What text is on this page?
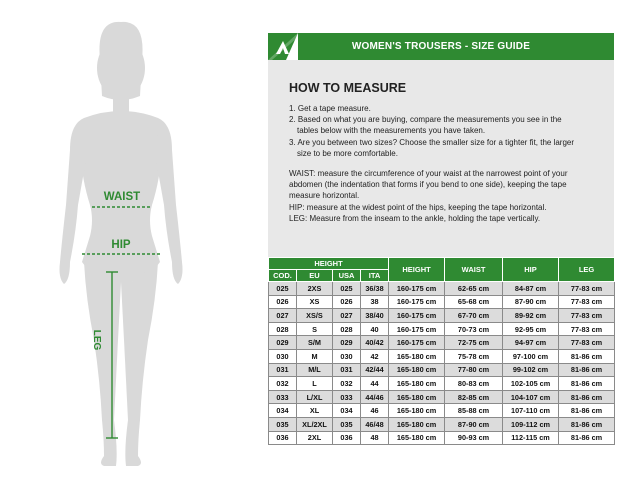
WAIST
HIP
LEG
WOMEN'S TROUSERS - SIZE GUIDE
HOW TO MEASURE
1. Get a tape measure.
2. Based on what you are buying, compare the measurements you see in the
tables below with the measurements you have taken.
3. Are you between two sizes? Choose the smaller size for a tighter fit, the larger
size to be more comfortable.
WAIST: measure the circumference of your waist at the narrowest point of your
abdomen (the indentation that forms if you bend to one side), keeping the tape
measure horizontal.
HIP: measure at the widest point of the hips, keeping the tape horizontal.
LEG: Measure from the inseam to the ankle, holding the tape vertically.
HEIGHT				HEIGHT	WAIST	HIP	LEG
COD.	EU	USA	ITA				
025	2XS	025	36/38	160-175 cm	62-65 cm	84-87 cm	77-83 cm
026	XS	026	38	160-175 cm	65-68 cm	87-90 cm	77-83 cm
027	XS/S	027	38/40	160-175 cm	67-70 cm	89-92 cm	77-83 cm
028	S	028	40	160-175 cm	70-73 cm	92-95 cm	77-83 cm
029	S/M	029	40/42	160-175 cm	72-75 cm	94-97 cm	77-83 cm
030	M	030	42	165-180 cm	75-78 cm	97-100 cm	81-86 cm
031	M/L	031	42/44	165-180 cm	77-80 cm	99-102 cm	81-86 cm
032	L	032	44	165-180 cm	80-83 cm	102-105 cm	81-86 cm
033	L/XL	033	44/46	165-180 cm	82-85 cm	104-107 cm	81-86 cm
034	XL	034	46	165-180 cm	85-88 cm	107-110 cm	81-86 cm
035	XL/2XL	035	46/48	165-180 cm	87-90 cm	109-112 cm	81-86 cm
036	2XL	036	48	165-180 cm	90-93 cm	112-115 cm	81-86 cm
